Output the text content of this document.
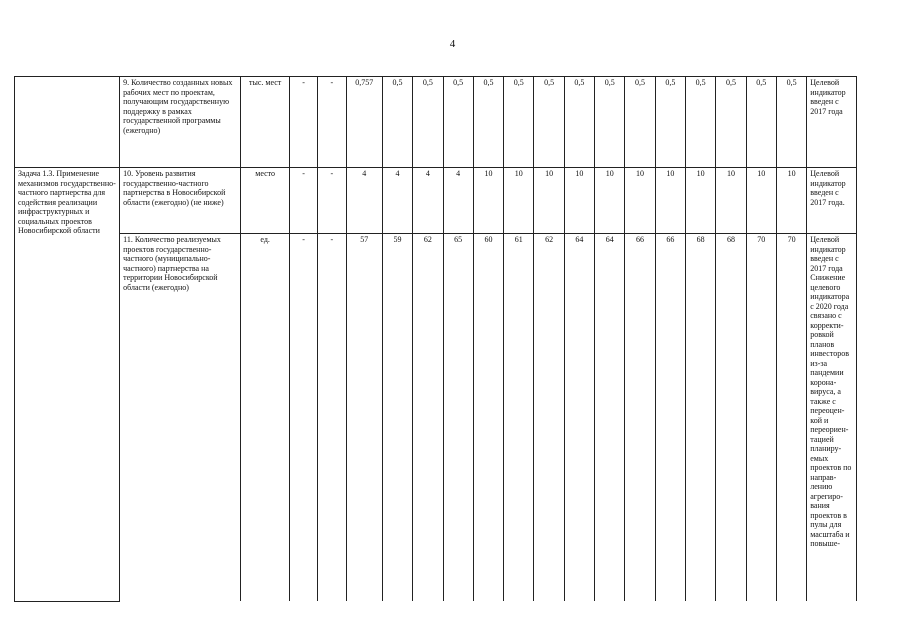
4
	9. Количество созданных новых рабочих мест по проектам, получающим государственную поддержку в рамках государственной программы (ежегодно)	тыс. мест	-	-	0,757	0,5	0,5	0,5	0,5	0,5	0,5	0,5	0,5	0,5	0,5	0,5	0,5	0,5	0,5	Целевой индикатор введен с 2017 года
Задача 1.3. Применение механизмов государственно-частного партнерства для содействия реализации инфраструктурных и социальных проектов Новосибирской области	10. Уровень развития государственно-частного партнерства в Новосибирской области (ежегодно) (не ниже)	место	-	-	4	4	4	4	10	10	10	10	10	10	10	10	10	10	10	Целевой индикатор введен с 2017 года.
	11. Количество реализуемых проектов государственно-частного (муниципально-частного) партнерства на территории Новосибирской области (ежегодно)	ед.	-	-	57	59	62	65	60	61	62	64	64	66	66	68	68	70	70	Целевой индикатор введен с 2017 года Снижение целевого индикатора с 2020 года связано с корректи-ровкой планов инвесторов из-за пандемии корона-вируса, а также с переоцен-кой и переориен-тацией планиру-емых проектов по направ-лению агрегиро-вания проектов в пулы для масштаба и повыше-
